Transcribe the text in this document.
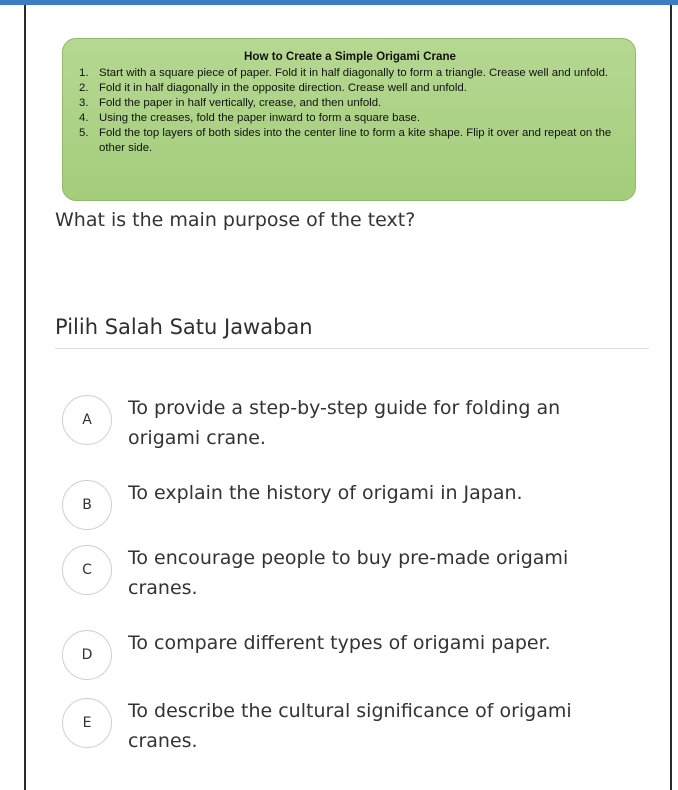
How to Create a Simple Origami Crane
1. Start with a square piece of paper. Fold it in half diagonally to form a triangle. Crease well and unfold.
2. Fold it in half diagonally in the opposite direction. Crease well and unfold.
3. Fold the paper in half vertically, crease, and then unfold.
4. Using the creases, fold the paper inward to form a square base.
5. Fold the top layers of both sides into the center line to form a kite shape. Flip it over and repeat on the other side.
What is the main purpose of the text?
Pilih Salah Satu Jawaban
A
To provide a step-by-step guide for folding an origami crane.
B
To explain the history of origami in Japan.
C
To encourage people to buy pre-made origami cranes.
D
To compare different types of origami paper.
E
To describe the cultural significance of origami cranes.
